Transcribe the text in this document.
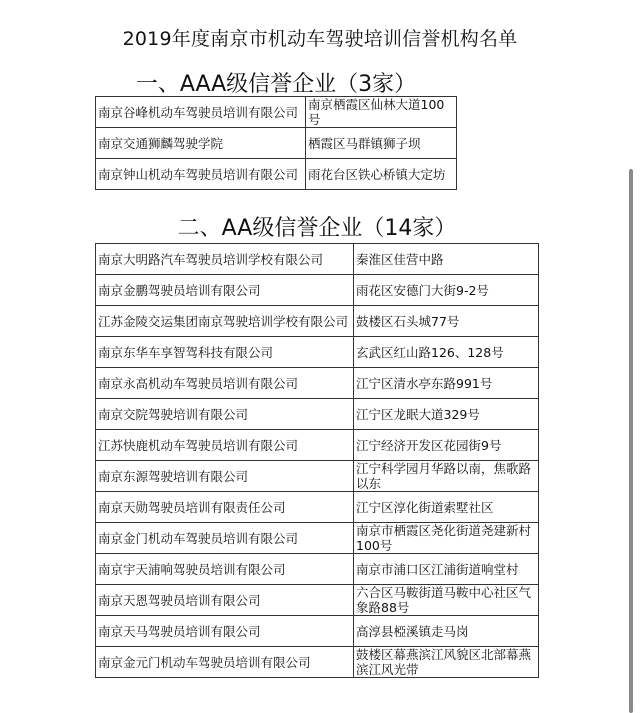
2019年度南京市机动车驾驶培训信誉机构名单
一、AAA级信誉企业（3家）
南京谷峰机动车驾驶员培训有限公司	南京栖霞区仙林大道100号
南京交通狮麟驾驶学院	栖霞区马群镇狮子坝
南京钟山机动车驾驶员培训有限公司	雨花台区铁心桥镇大定坊
二、AA级信誉企业（14家）
南京大明路汽车驾驶员培训学校有限公司	秦淮区佳营中路
南京金鹏驾驶员培训有限公司	雨花区安德门大街9-2号
江苏金陵交运集团南京驾驶培训学校有限公司	鼓楼区石头城77号
南京东华车享智驾科技有限公司	玄武区红山路126、128号
南京永高机动车驾驶员培训有限公司	江宁区清水亭东路991号
南京交院驾驶培训有限公司	江宁区龙眠大道329号
江苏快鹿机动车驾驶员培训有限公司	江宁经济开发区花园街9号
南京东源驾驶培训有限公司	江宁科学园月华路以南，焦歌路以东
南京天勋驾驶员培训有限责任公司	江宁区淳化街道索墅社区
南京金门机动车驾驶员培训有限公司	南京市栖霞区尧化街道尧建新村100号
南京宇天浦响驾驶员培训有限公司	南京市浦口区江浦街道响堂村
南京天恩驾驶员培训有限公司	六合区马鞍街道马鞍中心社区气象路88号
南京天马驾驶员培训有限公司	高淳县椏溪镇走马岗
南京金元门机动车驾驶员培训有限公司	鼓楼区幕燕滨江风貌区北部幕燕滨江风光带
